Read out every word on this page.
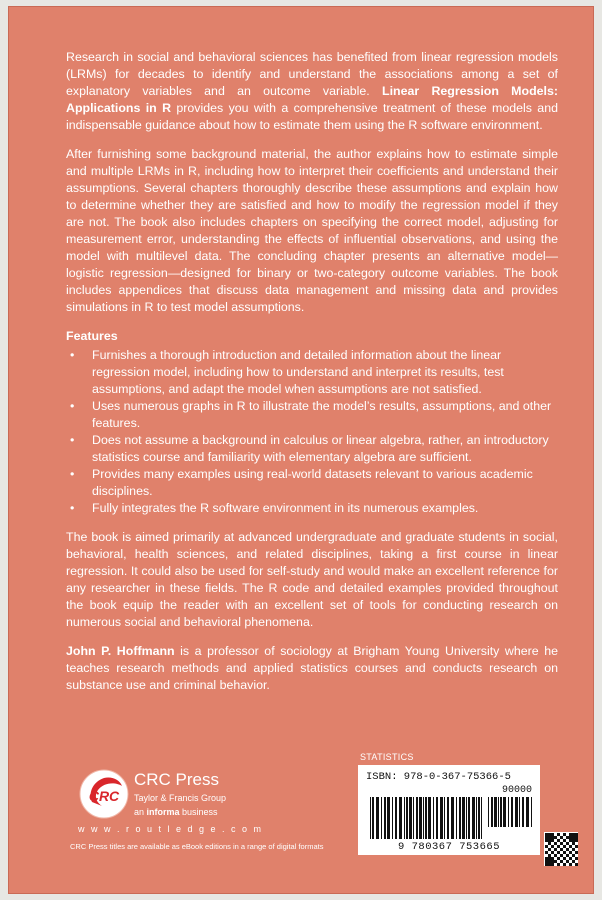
Research in social and behavioral sciences has benefited from linear regression models (LRMs) for decades to identify and understand the associations among a set of explanatory variables and an outcome variable. Linear Regression Models: Applications in R provides you with a comprehensive treatment of these models and indispensable guidance about how to estimate them using the R software environment.

After furnishing some background material, the author explains how to estimate simple and multiple LRMs in R, including how to interpret their coefficients and understand their assumptions. Several chapters thoroughly describe these assumptions and explain how to determine whether they are satisfied and how to modify the regression model if they are not. The book also includes chapters on specifying the correct model, adjusting for measurement error, understanding the effects of influential observations, and using the model with multilevel data. The concluding chapter presents an alternative model—logistic regression—designed for binary or two-category outcome variables. The book includes appendices that discuss data management and missing data and provides simulations in R to test model assumptions.

Features
• Furnishes a thorough introduction and detailed information about the linear regression model, including how to understand and interpret its results, test assumptions, and adapt the model when assumptions are not satisfied.
• Uses numerous graphs in R to illustrate the model’s results, assumptions, and other features.
• Does not assume a background in calculus or linear algebra, rather, an introductory statistics course and familiarity with elementary algebra are sufficient.
• Provides many examples using real-world datasets relevant to various academic disciplines.
• Fully integrates the R software environment in its numerous examples.

The book is aimed primarily at advanced undergraduate and graduate students in social, behavioral, health sciences, and related disciplines, taking a first course in linear regression. It could also be used for self-study and would make an excellent reference for any researcher in these fields. The R code and detailed examples provided throughout the book equip the reader with an excellent set of tools for conducting research on numerous social and behavioral phenomena.

John P. Hoffmann is a professor of sociology at Brigham Young University where he teaches research methods and applied statistics courses and conducts research on substance use and criminal behavior.

CRC
CRC Press
Taylor & Francis Group
an informa business
w w w . r o u t l e d g e . c o m
CRC Press titles are available as eBook editions in a range of digital formats
STATISTICS
ISBN: 978-0-367-75366-5
90000
9 780367 753665
